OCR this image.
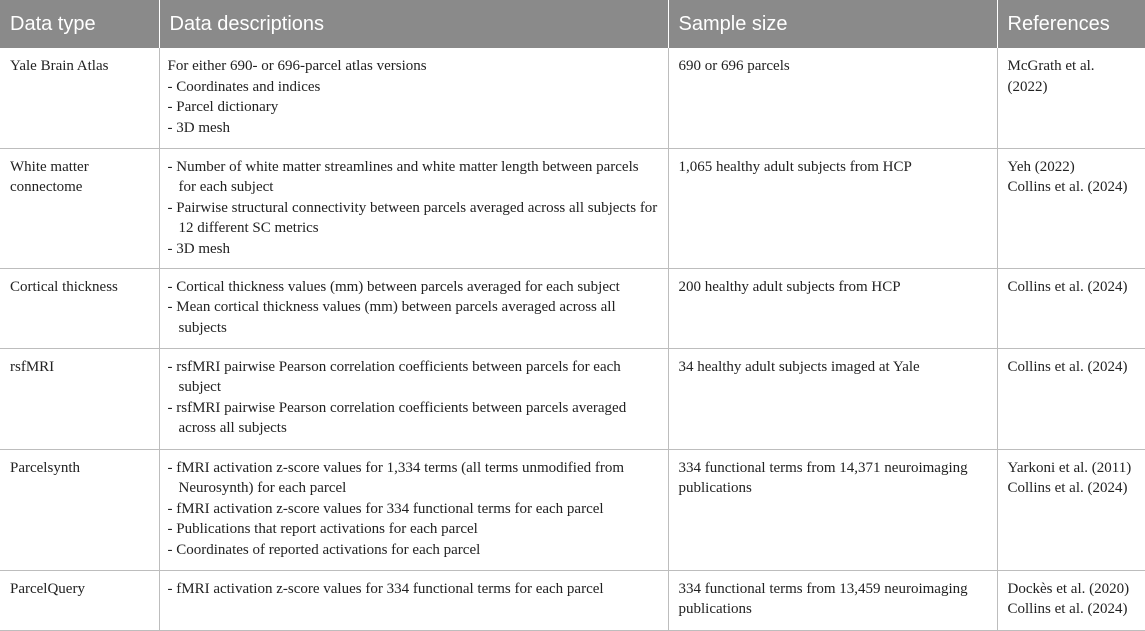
Data type	Data descriptions	Sample size	References
Yale Brain Atlas	For either 690- or 696-parcel atlas versions
- Coordinates and indices
- Parcel dictionary
- 3D mesh	690 or 696 parcels	McGrath et al. (2022)

White matter connectome	- Number of white matter streamlines and white matter length between parcels for each subject
- Pairwise structural connectivity between parcels averaged across all subjects for 12 different SC metrics
- 3D mesh	1,065 healthy adult subjects from HCP	Yeh (2022)
Collins et al. (2024)

Cortical thickness	- Cortical thickness values (mm) between parcels averaged for each subject
- Mean cortical thickness values (mm) between parcels averaged across all subjects	200 healthy adult subjects from HCP	Collins et al. (2024)

rsfMRI	- rsfMRI pairwise Pearson correlation coefficients between parcels for each subject
- rsfMRI pairwise Pearson correlation coefficients between parcels averaged across all subjects	34 healthy adult subjects imaged at Yale	Collins et al. (2024)

Parcelsynth	- fMRI activation z-score values for 1,334 terms (all terms unmodified from Neurosynth) for each parcel
- fMRI activation z-score values for 334 functional terms for each parcel
- Publications that report activations for each parcel
- Coordinates of reported activations for each parcel	334 functional terms from 14,371 neuroimaging publications	Yarkoni et al. (2011)
Collins et al. (2024)

ParcelQuery	- fMRI activation z-score values for 334 functional terms for each parcel	334 functional terms from 13,459 neuroimaging publications	Dockès et al. (2020)
Collins et al. (2024)
